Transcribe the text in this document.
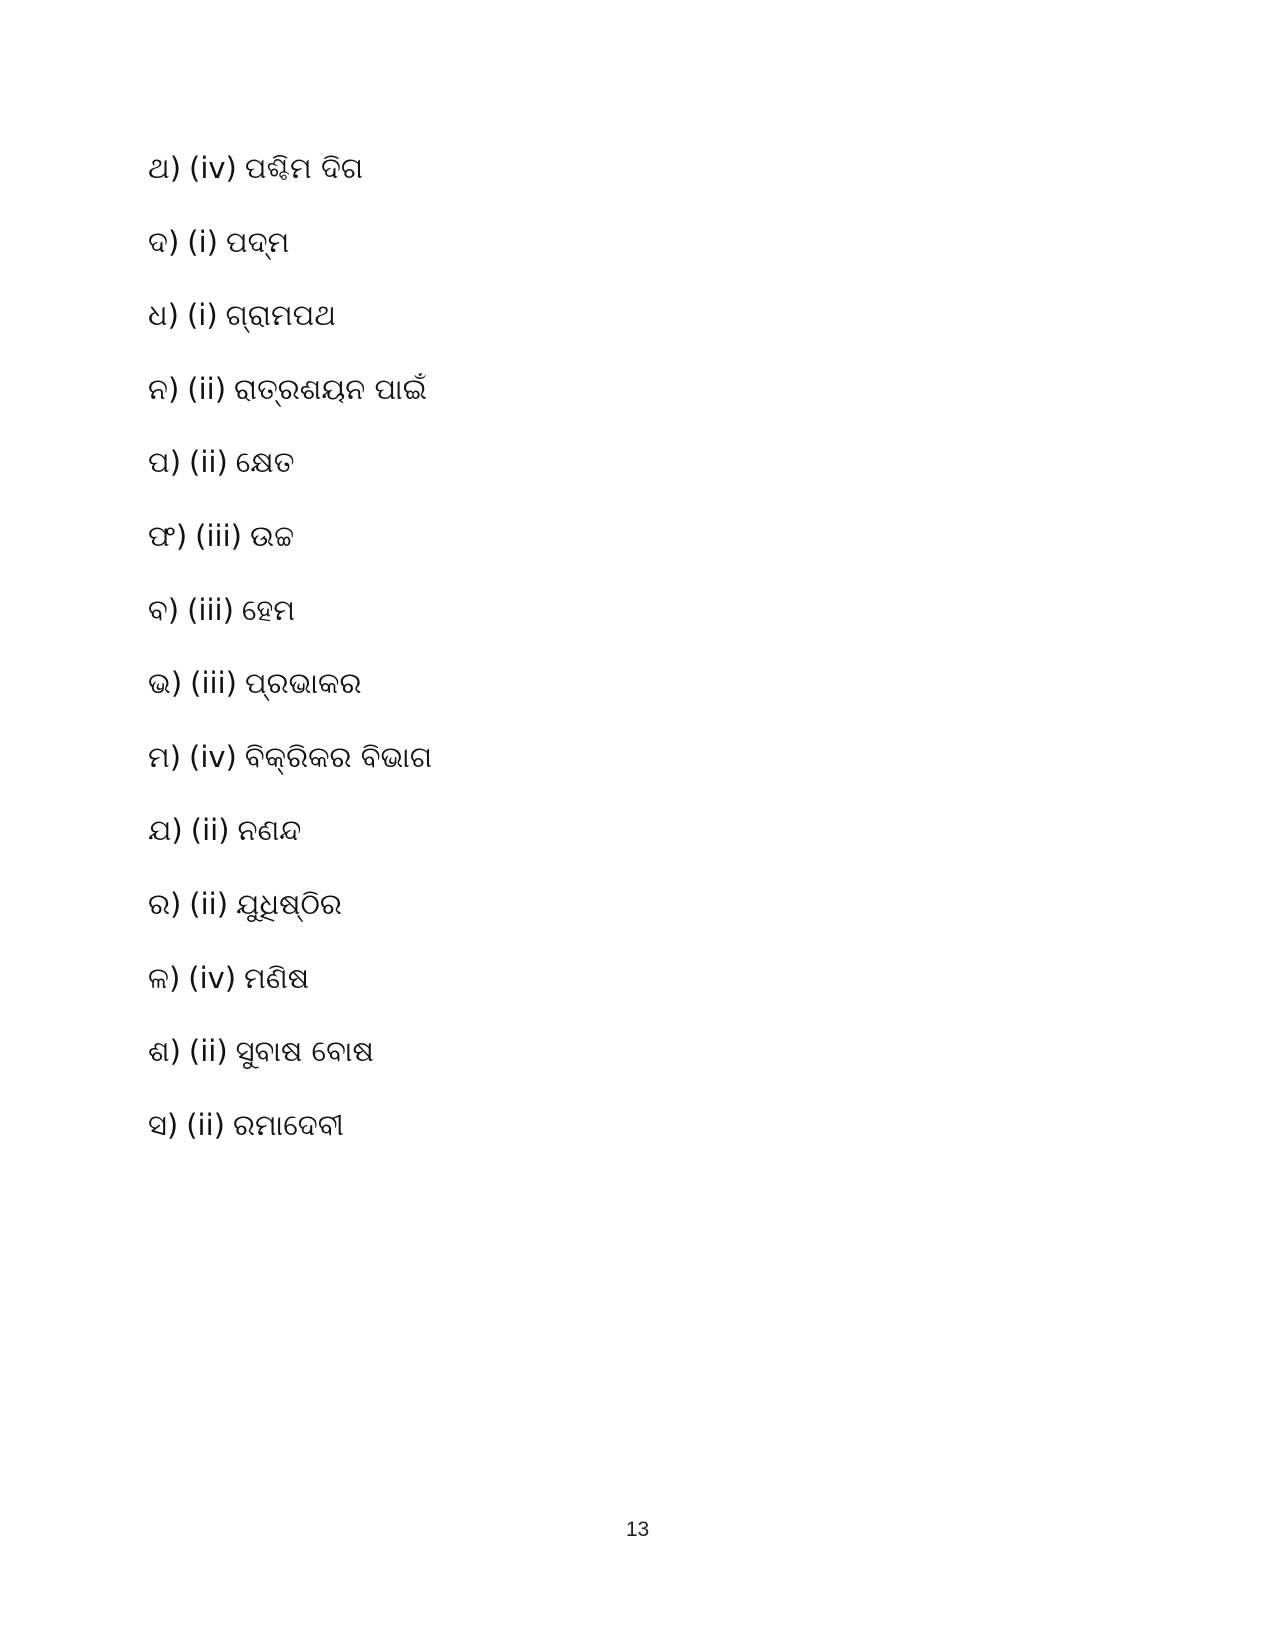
ଥ) (iv) ପଶ୍ଚିମ ଦିଗ
ଦ) (i) ପଦ୍ମ
ଧ) (i) ଗ୍ରାମପଥ
ନ) (ii) ରାତ୍ରଶୟନ ପାଇଁ
ପ) (ii) କ୍ଷେତ
ଫ) (iii) ଉଚ୍ଚ
ବ) (iii) ହେମ
ଭ) (iii) ପ୍ରଭାକର
ମ) (iv) ବିକ୍ରିକର ବିଭାଗ
ଯ) (ii) ନଣନ୍ଦ
ର) (ii) ଯୁଧିଷ୍ଠିର
ଳ) (iv) ମଣିଷ
ଶ) (ii) ସୁବାଷ ବୋଷ
ସ) (ii) ରମାଦେବୀ
13
